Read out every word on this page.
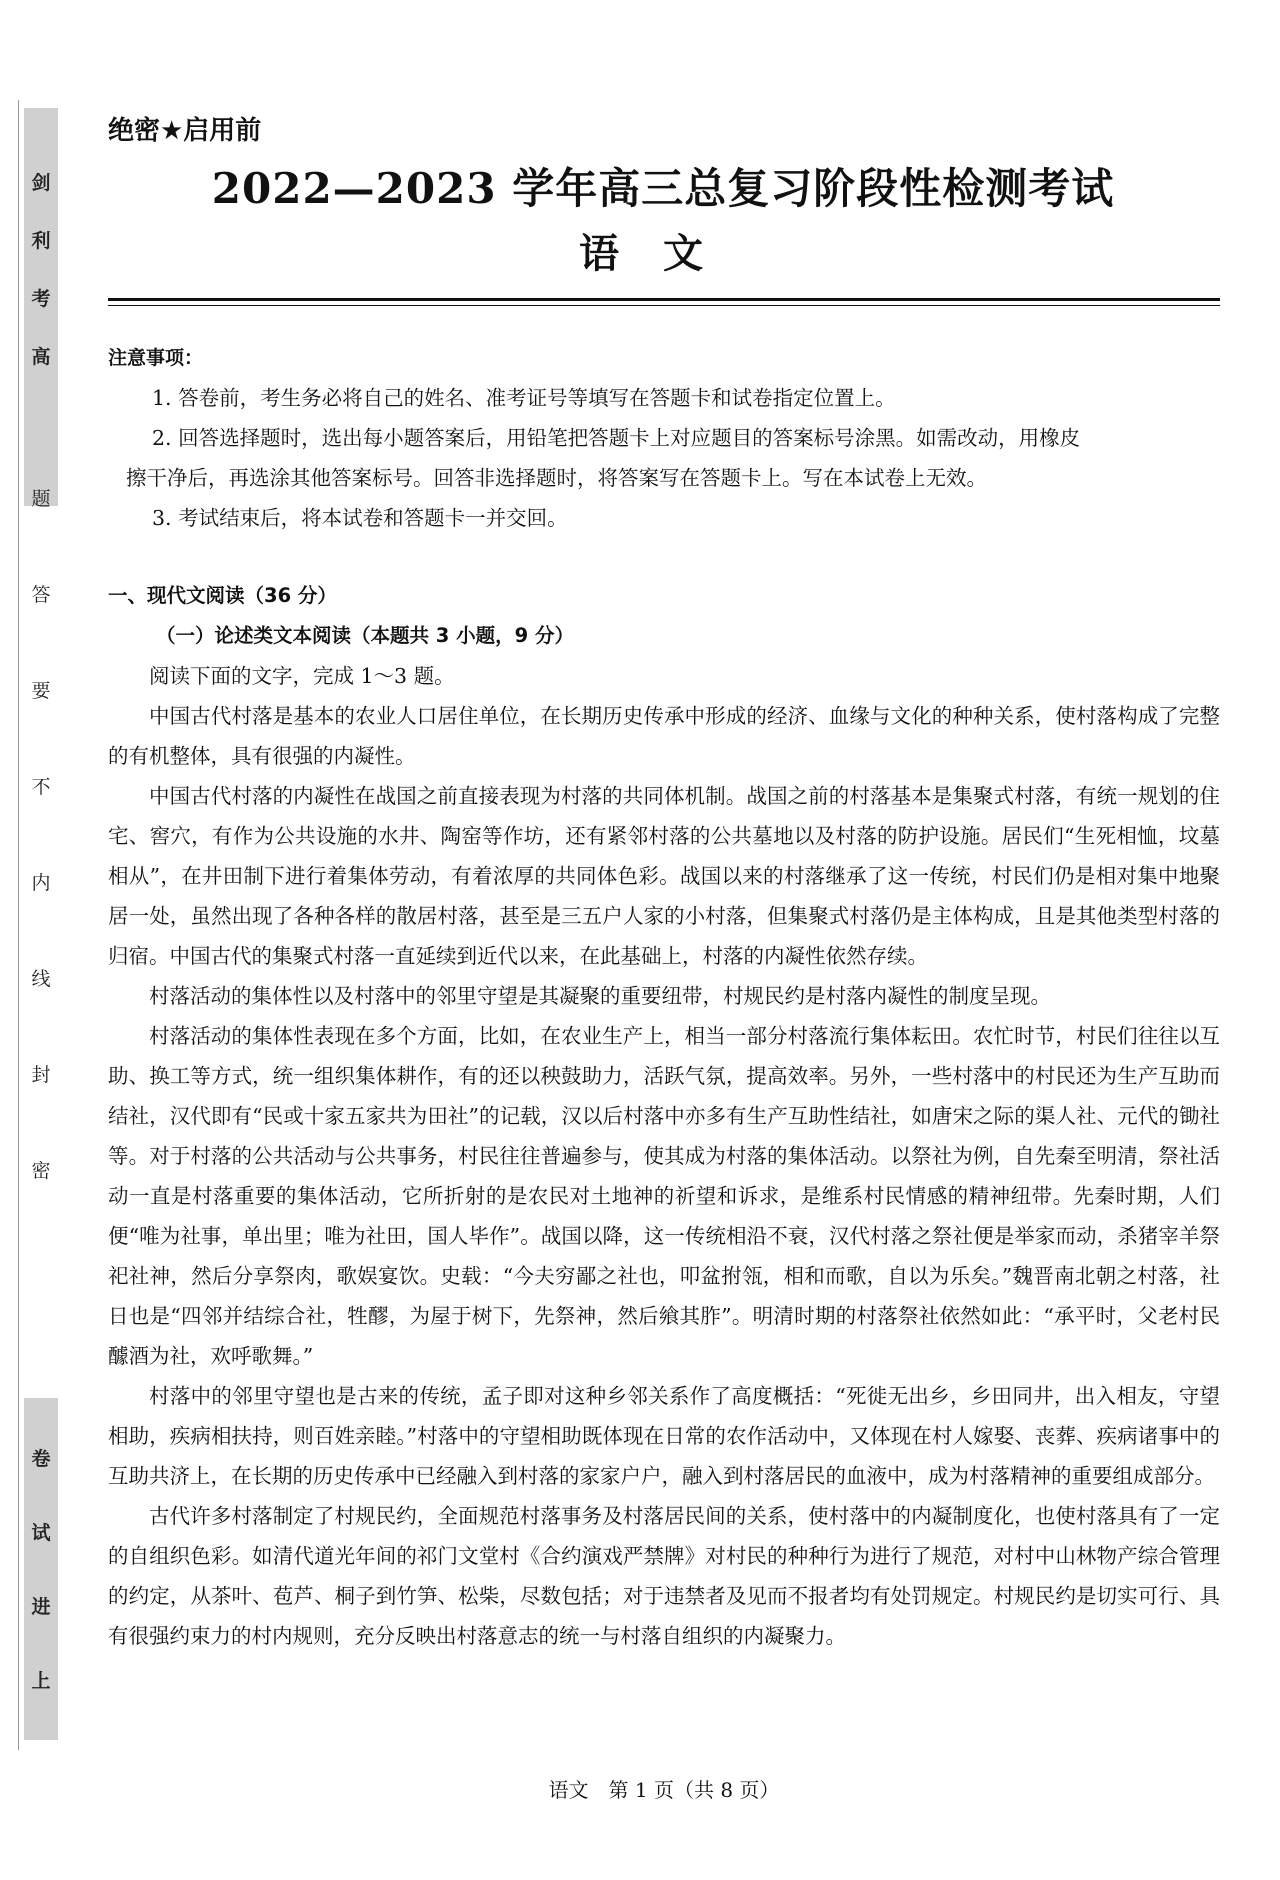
剑
利
考
高
题
答
要
不
内
线
封
密
卷
试
进
上
绝密★启用前
2022—2023 学年高三总复习阶段性检测考试
语文

注意事项：

1. 答卷前，考生务必将自己的姓名、准考证号等填写在答题卡和试卷指定位置上。

2. 回答选择题时，选出每小题答案后，用铅笔把答题卡上对应题目的答案标号涂黑。如需改动，用橡皮

擦干净后，再选涂其他答案标号。回答非选择题时，将答案写在答题卡上。写在本试卷上无效。

3. 考试结束后，将本试卷和答题卡一并交回。

一、现代文阅读（36 分）

（一）论述类文本阅读（本题共 3 小题，9 分）

阅读下面的文字，完成 1～3 题。

中国古代村落是基本的农业人口居住单位，在长期历史传承中形成的经济、血缘与文化的种种关系，使村落构成了完整的有机整体，具有很强的内凝性。

中国古代村落的内凝性在战国之前直接表现为村落的共同体机制。战国之前的村落基本是集聚式村落，有统一规划的住宅、窖穴，有作为公共设施的水井、陶窑等作坊，还有紧邻村落的公共墓地以及村落的防护设施。居民们“生死相恤，坟墓相从”，在井田制下进行着集体劳动，有着浓厚的共同体色彩。战国以来的村落继承了这一传统，村民们仍是相对集中地聚居一处，虽然出现了各种各样的散居村落，甚至是三五户人家的小村落，但集聚式村落仍是主体构成，且是其他类型村落的归宿。中国古代的集聚式村落一直延续到近代以来，在此基础上，村落的内凝性依然存续。

村落活动的集体性以及村落中的邻里守望是其凝聚的重要纽带，村规民约是村落内凝性的制度呈现。

村落活动的集体性表现在多个方面，比如，在农业生产上，相当一部分村落流行集体耘田。农忙时节，村民们往往以互助、换工等方式，统一组织集体耕作，有的还以秧鼓助力，活跃气氛，提高效率。另外，一些村落中的村民还为生产互助而结社，汉代即有“民或十家五家共为田社”的记载，汉以后村落中亦多有生产互助性结社，如唐宋之际的渠人社、元代的锄社等。对于村落的公共活动与公共事务，村民往往普遍参与，使其成为村落的集体活动。以祭社为例，自先秦至明清，祭社活动一直是村落重要的集体活动，它所折射的是农民对土地神的祈望和诉求，是维系村民情感的精神纽带。先秦时期，人们便“唯为社事，单出里；唯为社田，国人毕作”。战国以降，这一传统相沿不衰，汉代村落之祭社便是举家而动，杀猪宰羊祭祀社神，然后分享祭肉，歌娱宴饮。史载：“今夫穷鄙之社也，叩盆拊瓴，相和而歌，自以为乐矣。”魏晋南北朝之村落，社日也是“四邻并结综合社，牲醪，为屋于树下，先祭神，然后飨其胙”。明清时期的村落祭社依然如此：“承平时，父老村民醵酒为社，欢呼歌舞。”

村落中的邻里守望也是古来的传统，孟子即对这种乡邻关系作了高度概括：“死徙无出乡，乡田同井，出入相友，守望相助，疾病相扶持，则百姓亲睦。”村落中的守望相助既体现在日常的农作活动中，又体现在村人嫁娶、丧葬、疾病诸事中的互助共济上，在长期的历史传承中已经融入到村落的家家户户，融入到村落居民的血液中，成为村落精神的重要组成部分。

古代许多村落制定了村规民约，全面规范村落事务及村落居民间的关系，使村落中的内凝制度化，也使村落具有了一定的自组织色彩。如清代道光年间的祁门文堂村《合约演戏严禁牌》对村民的种种行为进行了规范，对村中山林物产综合管理的约定，从茶叶、苞芦、桐子到竹笋、松柴，尽数包括；对于违禁者及见而不报者均有处罚规定。村规民约是切实可行、具有很强约束力的村内规则，充分反映出村落意志的统一与村落自组织的内凝聚力。

语文　第 1 页（共 8 页）
